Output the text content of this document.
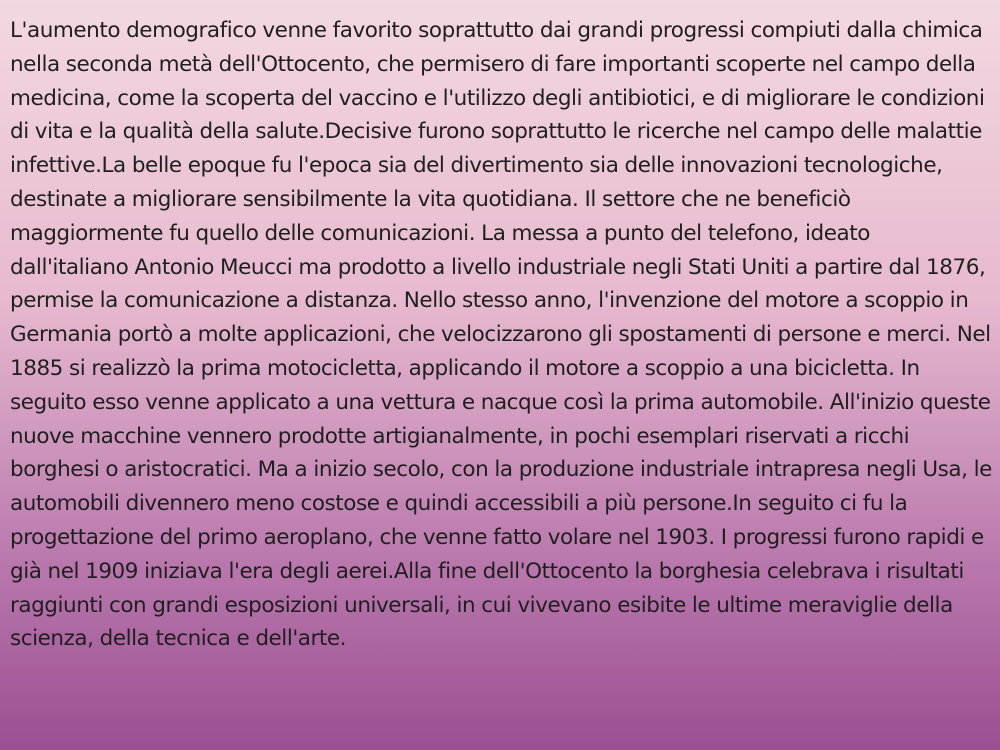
L'aumento demografico venne favorito soprattutto dai grandi progressi compiuti dalla chimica nella seconda metà dell'Ottocento, che permisero di fare importanti scoperte nel campo della medicina, come la scoperta del vaccino e l'utilizzo degli antibiotici, e di migliorare le condizioni di vita e la qualità della salute.Decisive furono soprattutto le ricerche nel campo delle malattie infettive.La belle epoque fu l'epoca sia del divertimento sia delle innovazioni tecnologiche, destinate a migliorare sensibilmente la vita quotidiana. Il settore che ne beneficiò maggiormente fu quello delle comunicazioni. La messa a punto del telefono, ideato dall'italiano Antonio Meucci ma prodotto a livello industriale negli Stati Uniti a partire dal 1876, permise la comunicazione a distanza. Nello stesso anno, l'invenzione del motore a scoppio in Germania portò a molte applicazioni, che velocizzarono gli spostamenti di persone e merci. Nel 1885 si realizzò la prima motocicletta, applicando il motore a scoppio a una bicicletta. In seguito esso venne applicato a una vettura e nacque così la prima automobile. All'inizio queste nuove macchine vennero prodotte artigianalmente, in pochi esemplari riservati a ricchi borghesi o aristocratici. Ma a inizio secolo, con la produzione industriale intrapresa negli Usa, le automobili divennero meno costose e quindi accessibili a più persone.In seguito ci fu la progettazione del primo aeroplano, che venne fatto volare nel 1903. I progressi furono rapidi e già nel 1909 iniziava l'era degli aerei.Alla fine dell'Ottocento la borghesia celebrava i risultati raggiunti con grandi esposizioni universali, in cui vivevano esibite le ultime meraviglie della scienza, della tecnica e dell'arte.
